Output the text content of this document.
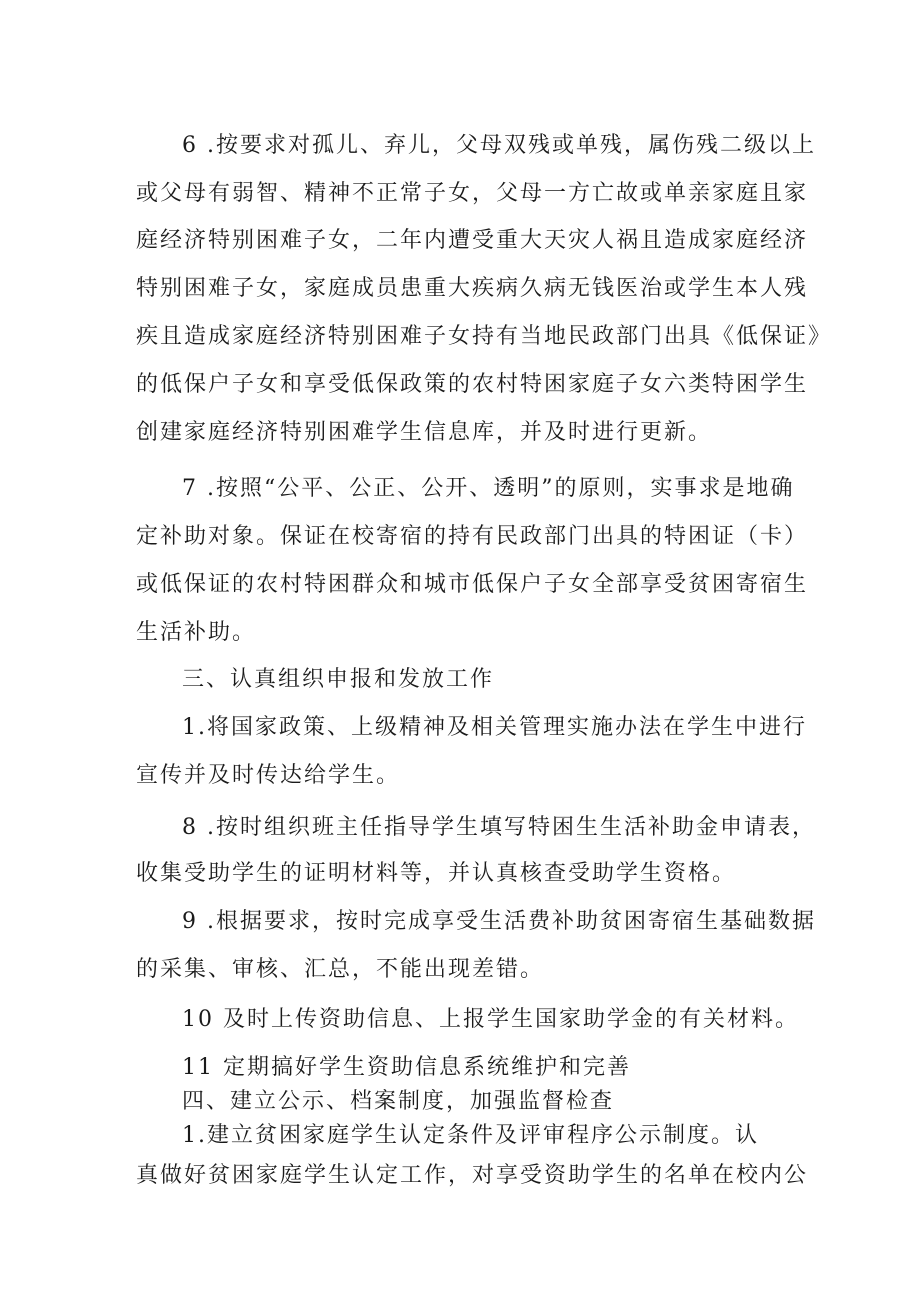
6 .按要求对孤儿、弃儿，父母双残或单残，属伤残二级以上
或父母有弱智、精神不正常子女，父母一方亡故或单亲家庭且家
庭经济特别困难子女，二年内遭受重大天灾人祸且造成家庭经济
特别困难子女，家庭成员患重大疾病久病无钱医治或学生本人残
疾且造成家庭经济特别困难子女持有当地民政部门出具《低保证》
的低保户子女和享受低保政策的农村特困家庭子女六类特困学生
创建家庭经济特别困难学生信息库，并及时进行更新。
7 .按照“公平、公正、公开、透明”的原则，实事求是地确
定补助对象。保证在校寄宿的持有民政部门出具的特困证（卡）
或低保证的农村特困群众和城市低保户子女全部享受贫困寄宿生
生活补助。
三、认真组织申报和发放工作
1.将国家政策、上级精神及相关管理实施办法在学生中进行
宣传并及时传达给学生。
8 .按时组织班主任指导学生填写特困生生活补助金申请表，
收集受助学生的证明材料等，并认真核查受助学生资格。
9 .根据要求，按时完成享受生活费补助贫困寄宿生基础数据
的采集、审核、汇总，不能出现差错。
10 及时上传资助信息、上报学生国家助学金的有关材料。
11 定期搞好学生资助信息系统维护和完善
四、建立公示、档案制度，加强监督检查
1.建立贫困家庭学生认定条件及评审程序公示制度。认
真做好贫困家庭学生认定工作，对享受资助学生的名单在校内公
